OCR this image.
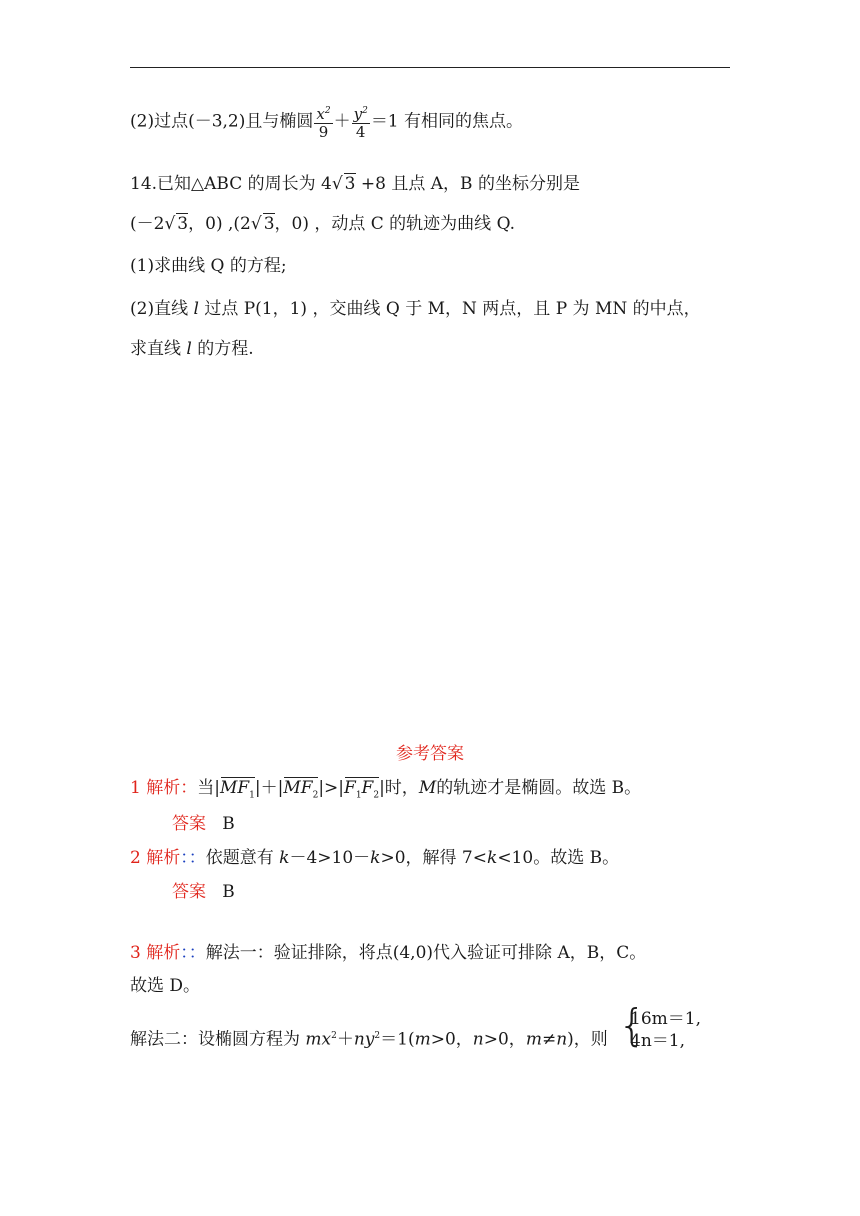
(2)过点(－3,2)且与椭圆 $\frac{x^2}{9} + \frac{y^2}{4} =1$ 有相同的焦点。
14.已知△ABC 的周长为 4√ 3 +8 且点 A，B 的坐标分别是
(－2√ 3，0) ,(2√ 3，0) ，动点 C 的轨迹为曲线 Q.
(1)求曲线 Q 的方程;
(2)直线 l 过点 P(1，1) ，交曲线 Q 于 M，N 两点，且 P 为 MN 的中点，
求直线 l 的方程.
参考答案
1 解析：当$|MF_1|+|MF_2|>|F_1F_2|$时，M的轨迹才是椭圆。故选 B。
答案 B
2 解析：：依题意有 k－4>10－k>0，解得 7<k<10。故选 B。
答案 B
3 解析：：解法一：验证排除，将点(4,0)代入验证可排除 A，B，C。
故选 D。
解法二：设椭圆方程为 $mx^2+ny^2=1(m>0$，n>0，m≠n)，则 {
16m＝1,
4n＝1,
